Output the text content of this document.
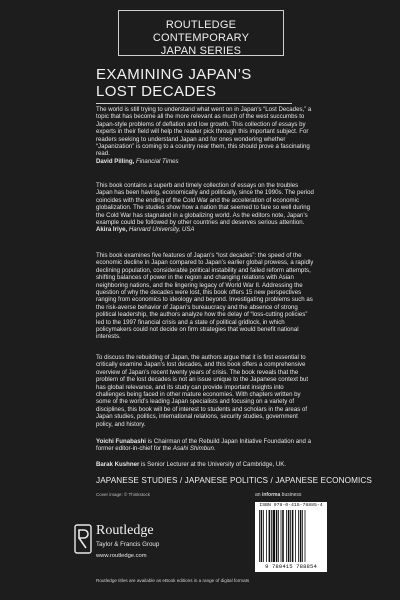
ROUTLEDGE CONTEMPORARY
JAPAN SERIES
EXAMINING JAPAN’S
LOST DECADES

The world is still trying to understand what went on in Japan’s “Lost Decades,” a topic that has become all the more relevant as much of the west succumbs to Japan-style problems of deflation and low growth. This collection of essays by experts in their field will help the reader pick through this important subject. For readers seeking to understand Japan and for ones wondering whether “Japanization” is coming to a country near them, this should prove a fascinating read.

David Pilling, Financial Times

This book contains a superb and timely collection of essays on the troubles Japan has been having, economically and politically, since the 1990s. The period coincides with the ending of the Cold War and the acceleration of economic globalization. The studies show how a nation that seemed to fare so well during the Cold War has stagnated in a globalizing world. As the editors note, Japan’s example could be followed by other countries and deserves serious attention.

Akira Iriye, Harvard University, USA

This book examines five features of Japan’s “lost decades”: the speed of the economic decline in Japan compared to Japan’s earlier global prowess, a rapidly declining population, considerable political instability and failed reform attempts, shifting balances of power in the region and changing relations with Asian neighboring nations, and the lingering legacy of World War II. Addressing the question of why the decades were lost, this book offers 15 new perspectives ranging from economics to ideology and beyond. Investigating problems such as the risk-averse behavior of Japan’s bureaucracy and the absence of strong political leadership, the authors analyze how the delay of “loss-cutting policies” led to the 1997 financial crisis and a state of political gridlock, in which policymakers could not decide on firm strategies that would benefit national interests.

To discuss the rebuilding of Japan, the authors argue that it is first essential to critically examine Japan’s lost decades, and this book offers a comprehensive overview of Japan’s recent twenty years of crisis. The book reveals that the problem of the lost decades is not an issue unique to the Japanese context but has global relevance, and its study can provide important insights into challenges being faced in other mature economies. With chapters written by some of the world’s leading Japan specialists and focusing on a variety of disciplines, this book will be of interest to students and scholars in the areas of Japan studies, politics, international relations, security studies, government policy, and history.

Yoichi Funabashi is Chairman of the Rebuild Japan Initiative Foundation and a former editor-in-chief for the Asahi Shimbun.

Barak Kushner is Senior Lecturer at the University of Cambridge, UK.

JAPANESE STUDIES / JAPANESE POLITICS / JAPANESE ECONOMICS
Cover image: © Thinkstock	an informa business
Routledge
Taylor & Francis Group
www.routledge.com
ISBN 978-0-415-78885-4
9 780415 788854
Routledge titles are available as eBook editions in a range of digital formats
